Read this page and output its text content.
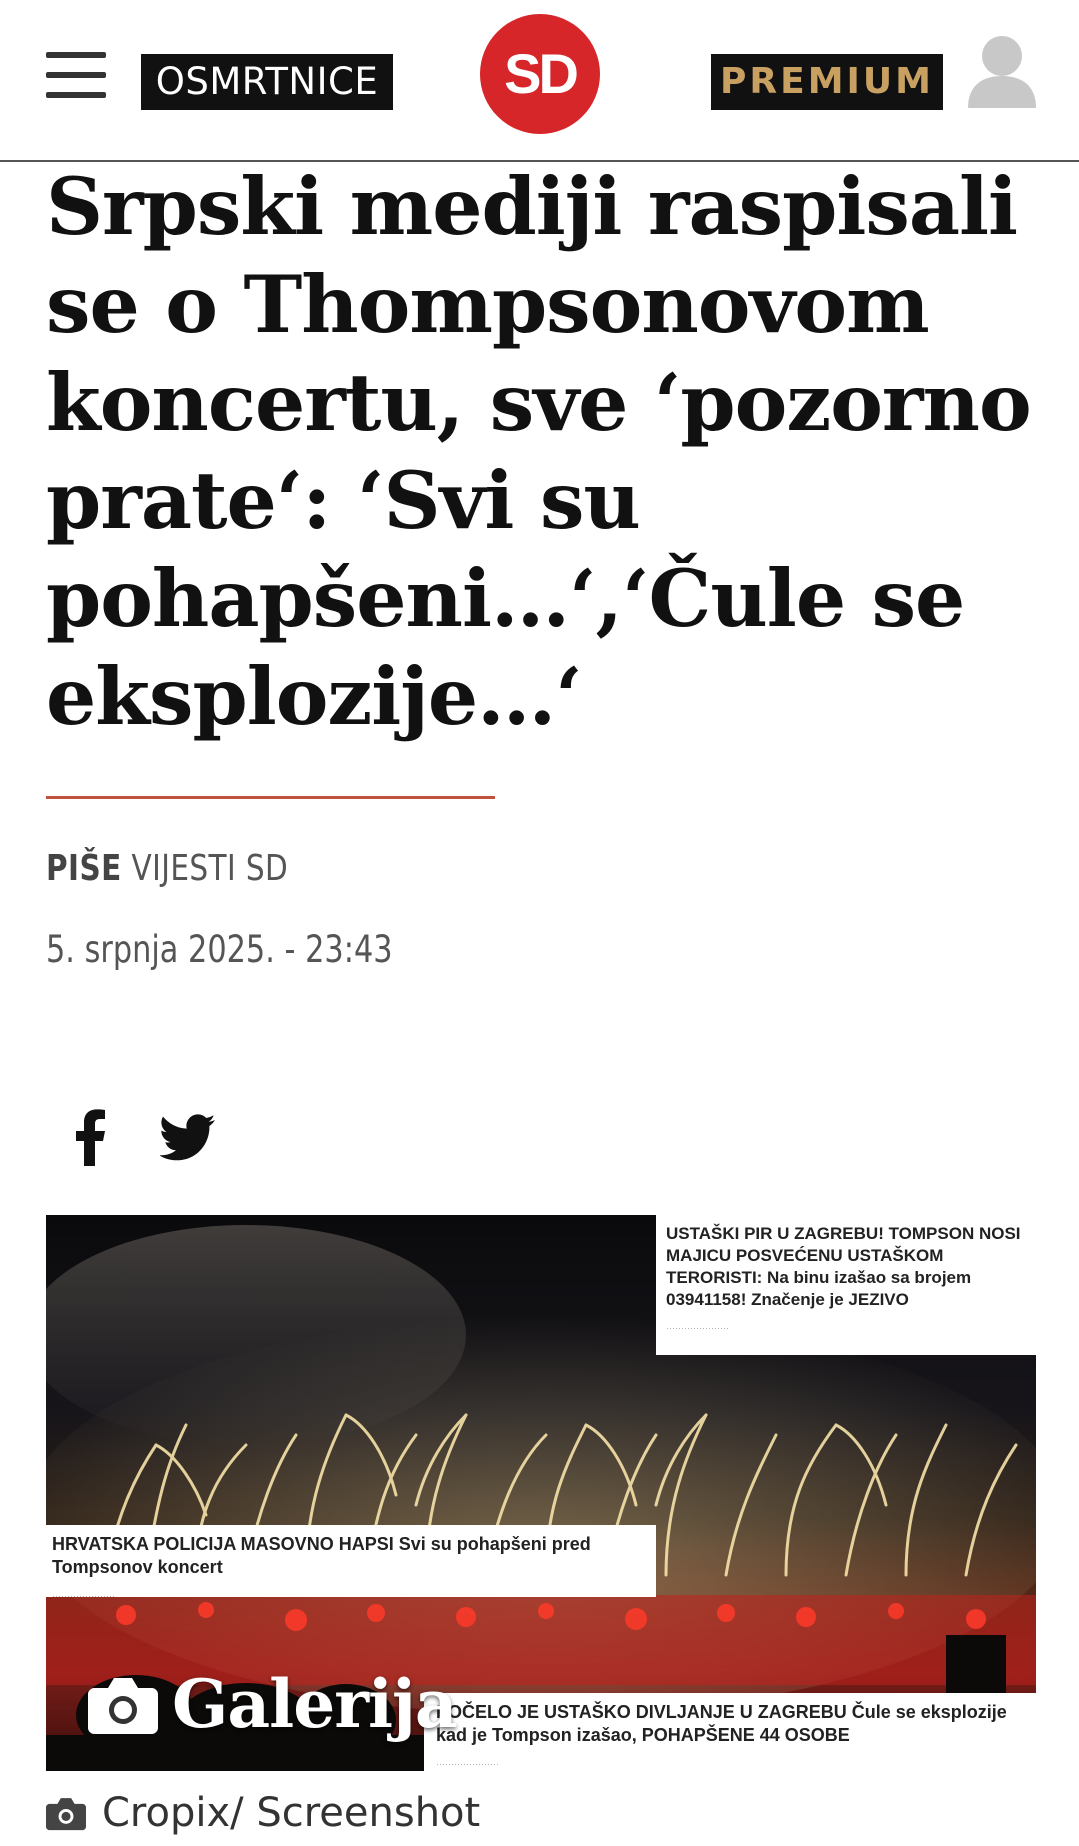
OSMRTNICE	SD	PREMIUM
Srpski mediji raspisali se o Thompsonovom koncertu, sve ‘pozorno prate‘: ‘Svi su pohapšeni…‘,‘Čule se eksplozije…‘
PIŠE VIJESTI SD
5. srpnja 2025. - 23:43
USTAŠKI PIR U ZAGREBU! TOMPSON NOSI MAJICU POSVEĆENU USTAŠKOM TERORISTI: Na binu izašao sa brojem 03941158! Značenje je JEZIVO
·····················
HRVATSKA POLICIJA MASOVNO HAPSI Svi su pohapšeni pred Tompsonov koncert
·····················
POČELO JE USTAŠKO DIVLJANJE U ZAGREBU Čule se eksplozije kad je Tompson izašao, POHAPŠENE 44 OSOBE
·····················
Galerija
Cropix/ Screenshot
